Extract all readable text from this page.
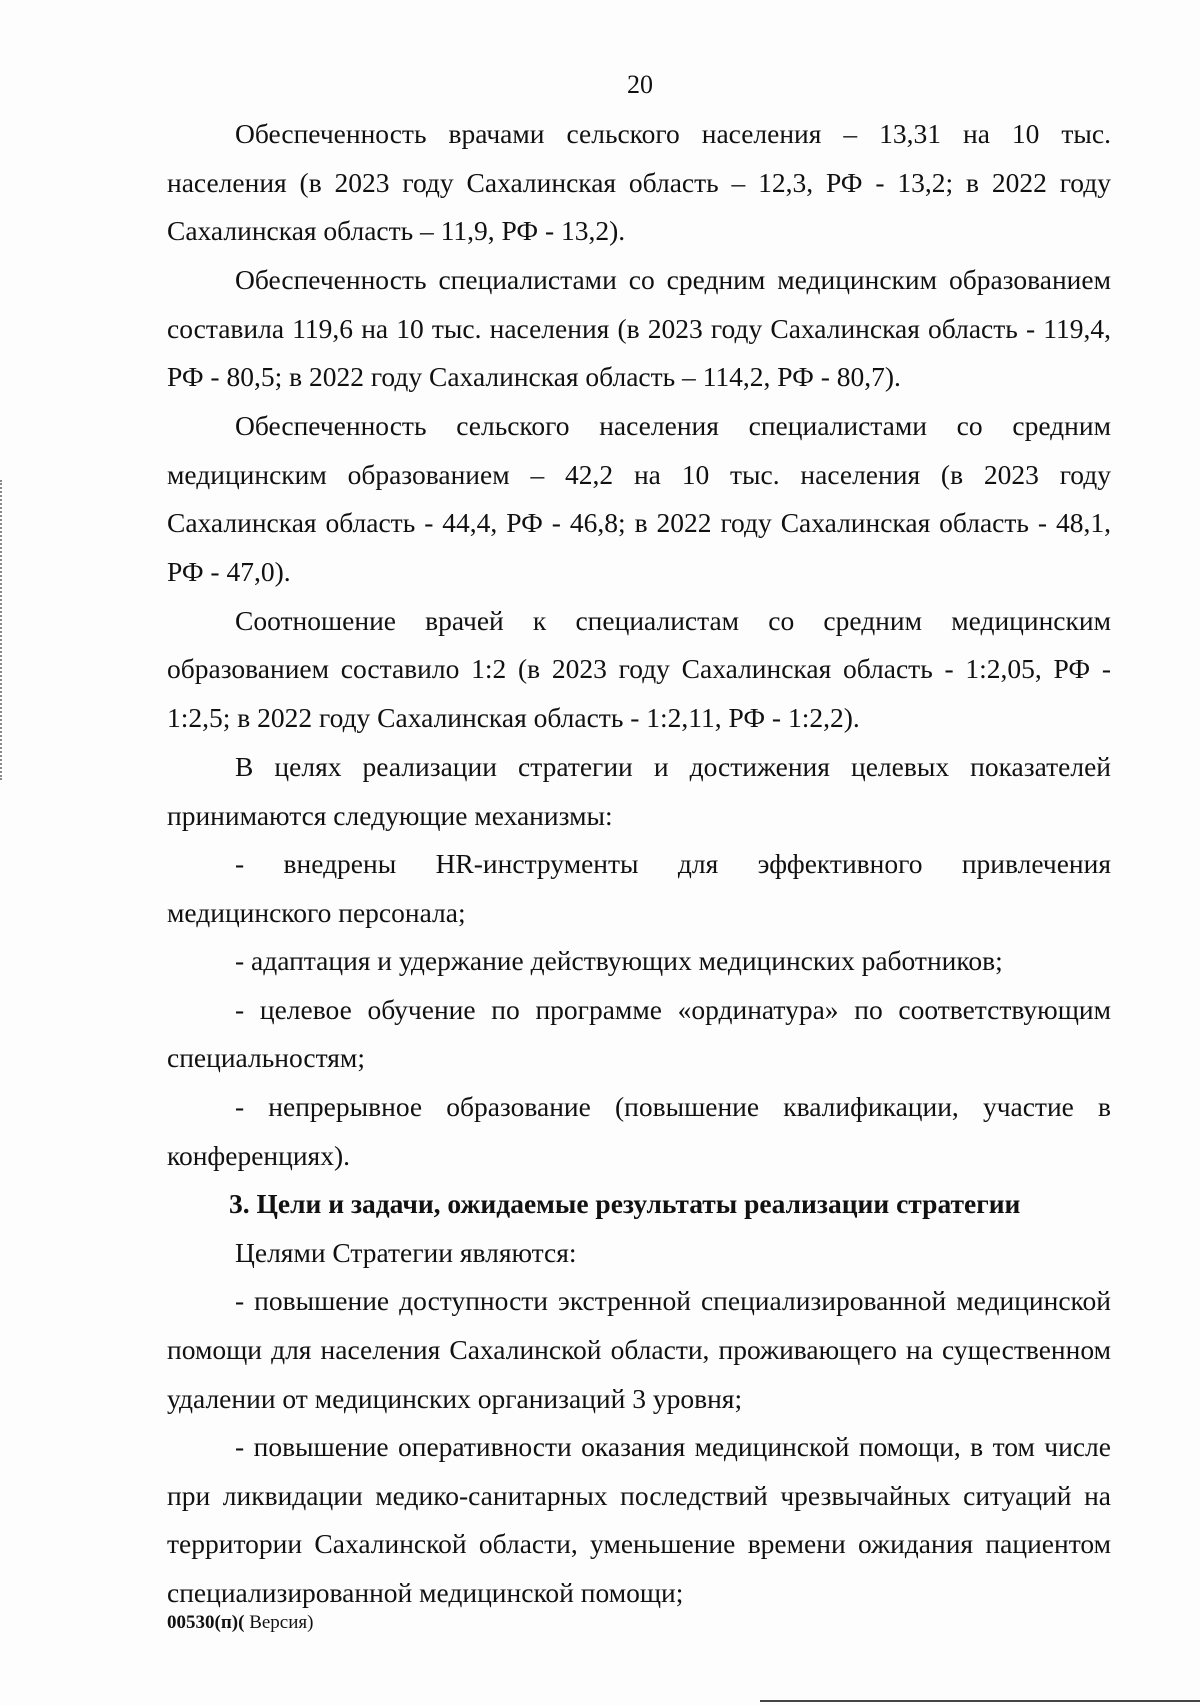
20

Обеспеченность врачами сельского населения – 13,31 на 10 тыс. населения (в 2023 году Сахалинская область – 12,3, РФ - 13,2; в 2022 году Сахалинская область – 11,9, РФ - 13,2).

Обеспеченность специалистами со средним медицинским образованием составила 119,6 на 10 тыс. населения (в 2023 году Сахалинская область - 119,4, РФ - 80,5; в 2022 году Сахалинская область – 114,2, РФ - 80,7).

Обеспеченность сельского населения специалистами со средним медицинским образованием – 42,2 на 10 тыс. населения (в 2023 году Сахалинская область - 44,4, РФ - 46,8; в 2022 году Сахалинская область - 48,1, РФ - 47,0).

Соотношение врачей к специалистам со средним медицинским образованием составило 1:2 (в 2023 году Сахалинская область - 1:2,05, РФ - 1:2,5; в 2022 году Сахалинская область - 1:2,11, РФ - 1:2,2).

В целях реализации стратегии и достижения целевых показателей принимаются следующие механизмы:

- внедрены HR-инструменты для эффективного привлечения медицинского персонала;

- адаптация и удержание действующих медицинских работников;

- целевое обучение по программе «ординатура» по соответствующим специальностям;

- непрерывное образование (повышение квалификации, участие в конференциях).

3. Цели и задачи, ожидаемые результаты реализации стратегии

Целями Стратегии являются:

- повышение доступности экстренной специализированной медицинской помощи для населения Сахалинской области, проживающего на существенном удалении от медицинских организаций 3 уровня;

- повышение оперативности оказания медицинской помощи, в том числе при ликвидации медико-санитарных последствий чрезвычайных ситуаций на территории Сахалинской области, уменьшение времени ожидания пациентом специализированной медицинской помощи;

00530(п)( Версия)
